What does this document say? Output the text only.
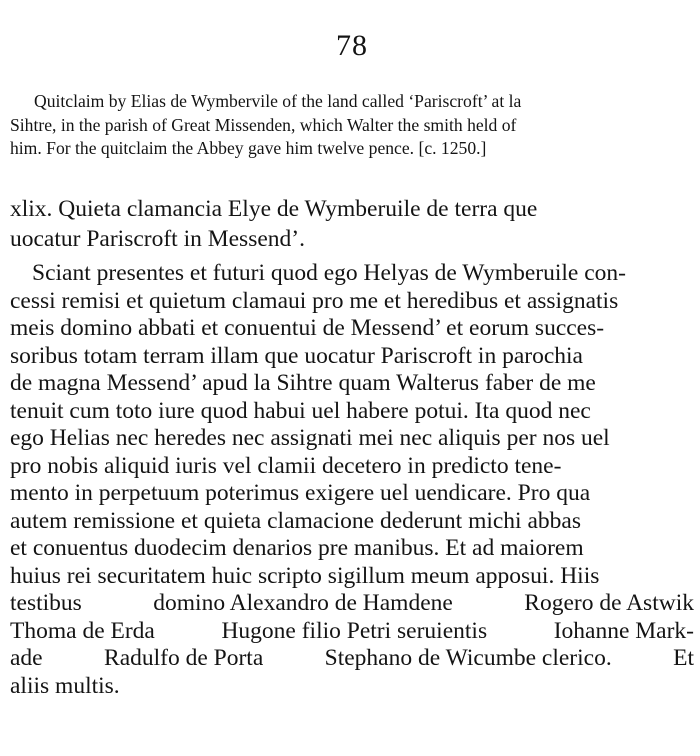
78
Quitclaim by Elias de Wymbervile of the land called ‘Pariscroft’ at la
Sihtre, in the parish of Great Missenden, which Walter the smith held of
him. For the quitclaim the Abbey gave him twelve pence. [c. 1250.]
xlix. Quieta clamancia Elye de Wymberuile de terra que
uocatur Pariscroft in Messend’.
Sciant presentes et futuri quod ego Helyas de Wymberuile con-
cessi remisi et quietum clamaui pro me et heredibus et assignatis
meis domino abbati et conuentui de Messend’ et eorum succes-
soribus totam terram illam que uocatur Pariscroft in parochia
de magna Messend’ apud la Sihtre quam Walterus faber de me
tenuit cum toto iure quod habui uel habere potui. Ita quod nec
ego Helias nec heredes nec assignati mei nec aliquis per nos uel
pro nobis aliquid iuris vel clamii decetero in predicto tene-
mento in perpetuum poterimus exigere uel uendicare. Pro qua
autem remissione et quieta clamacione dederunt michi abbas
et conuentus duodecim denarios pre manibus. Et ad maiorem
huius rei securitatem huic scripto sigillum meum apposui. Hiis
testibus	domino Alexandro de Hamdene	Rogero de Astwik
Thoma de Erda	Hugone filio Petri seruientis	Iohanne Mark-
ade	Radulfo de Porta	Stephano de Wicumbe clerico.	Et
aliis multis.
